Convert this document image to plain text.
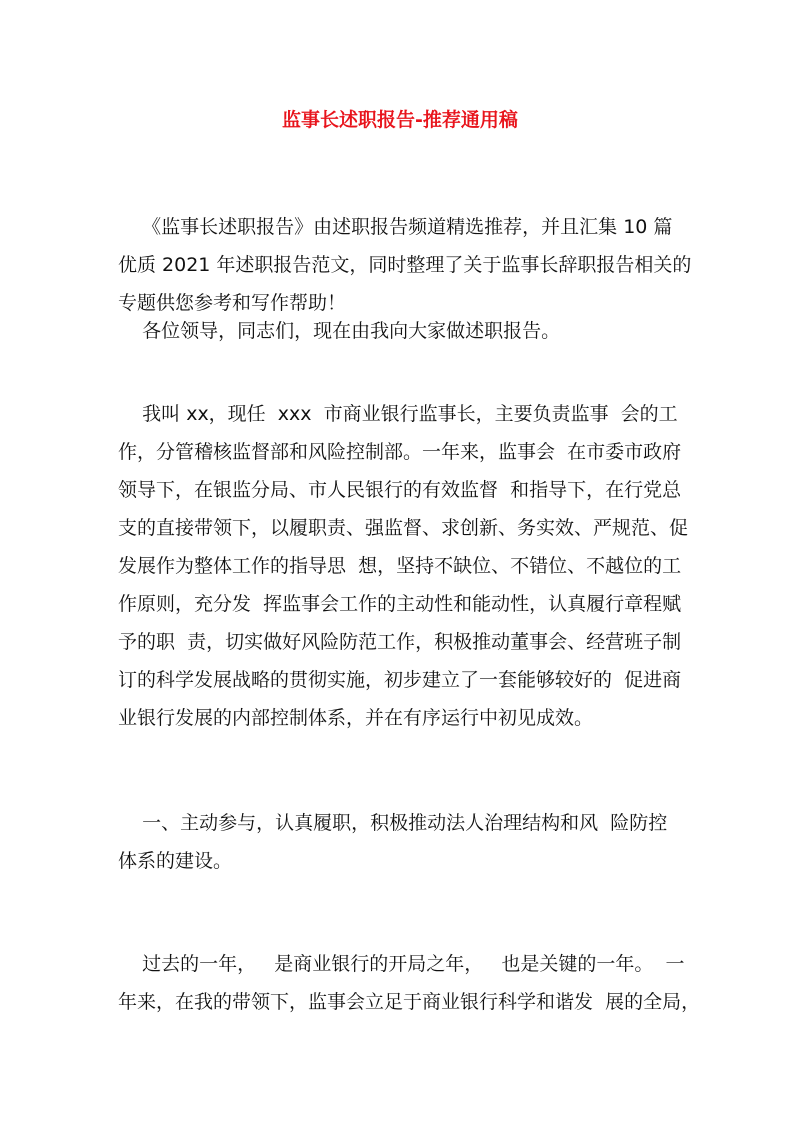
监事长述职报告-推荐通用稿

《监事长述职报告》由述职报告频道精选推荐，并且汇集 10 篇
优质 2021 年述职报告范文，同时整理了关于监事长辞职报告相关的
专题供您参考和写作帮助！

各位领导，同志们，现在由我向大家做述职报告。

我叫 xx，现任  xxx  市商业银行监事长，主要负责监事  会的工
作，分管稽核监督部和风险控制部。一年来，监事会  在市委市政府
领导下，在银监分局、市人民银行的有效监督  和指导下，在行党总
支的直接带领下，以履职责、强监督、求创新、务实效、严规范、促
发展作为整体工作的指导思  想，坚持不缺位、不错位、不越位的工
作原则，充分发  挥监事会工作的主动性和能动性，认真履行章程赋
予的职  责，切实做好风险防范工作，积极推动董事会、经营班子制
订的科学发展战略的贯彻实施，初步建立了一套能够较好的  促进商
业银行发展的内部控制体系，并在有序运行中初见成效。

一、主动参与，认真履职，积极推动法人治理结构和风  险防控
体系的建设。

过去的一年，   是商业银行的开局之年，   也是关键的一年。  一
年来，在我的带领下，监事会立足于商业银行科学和谐发  展的全局，
